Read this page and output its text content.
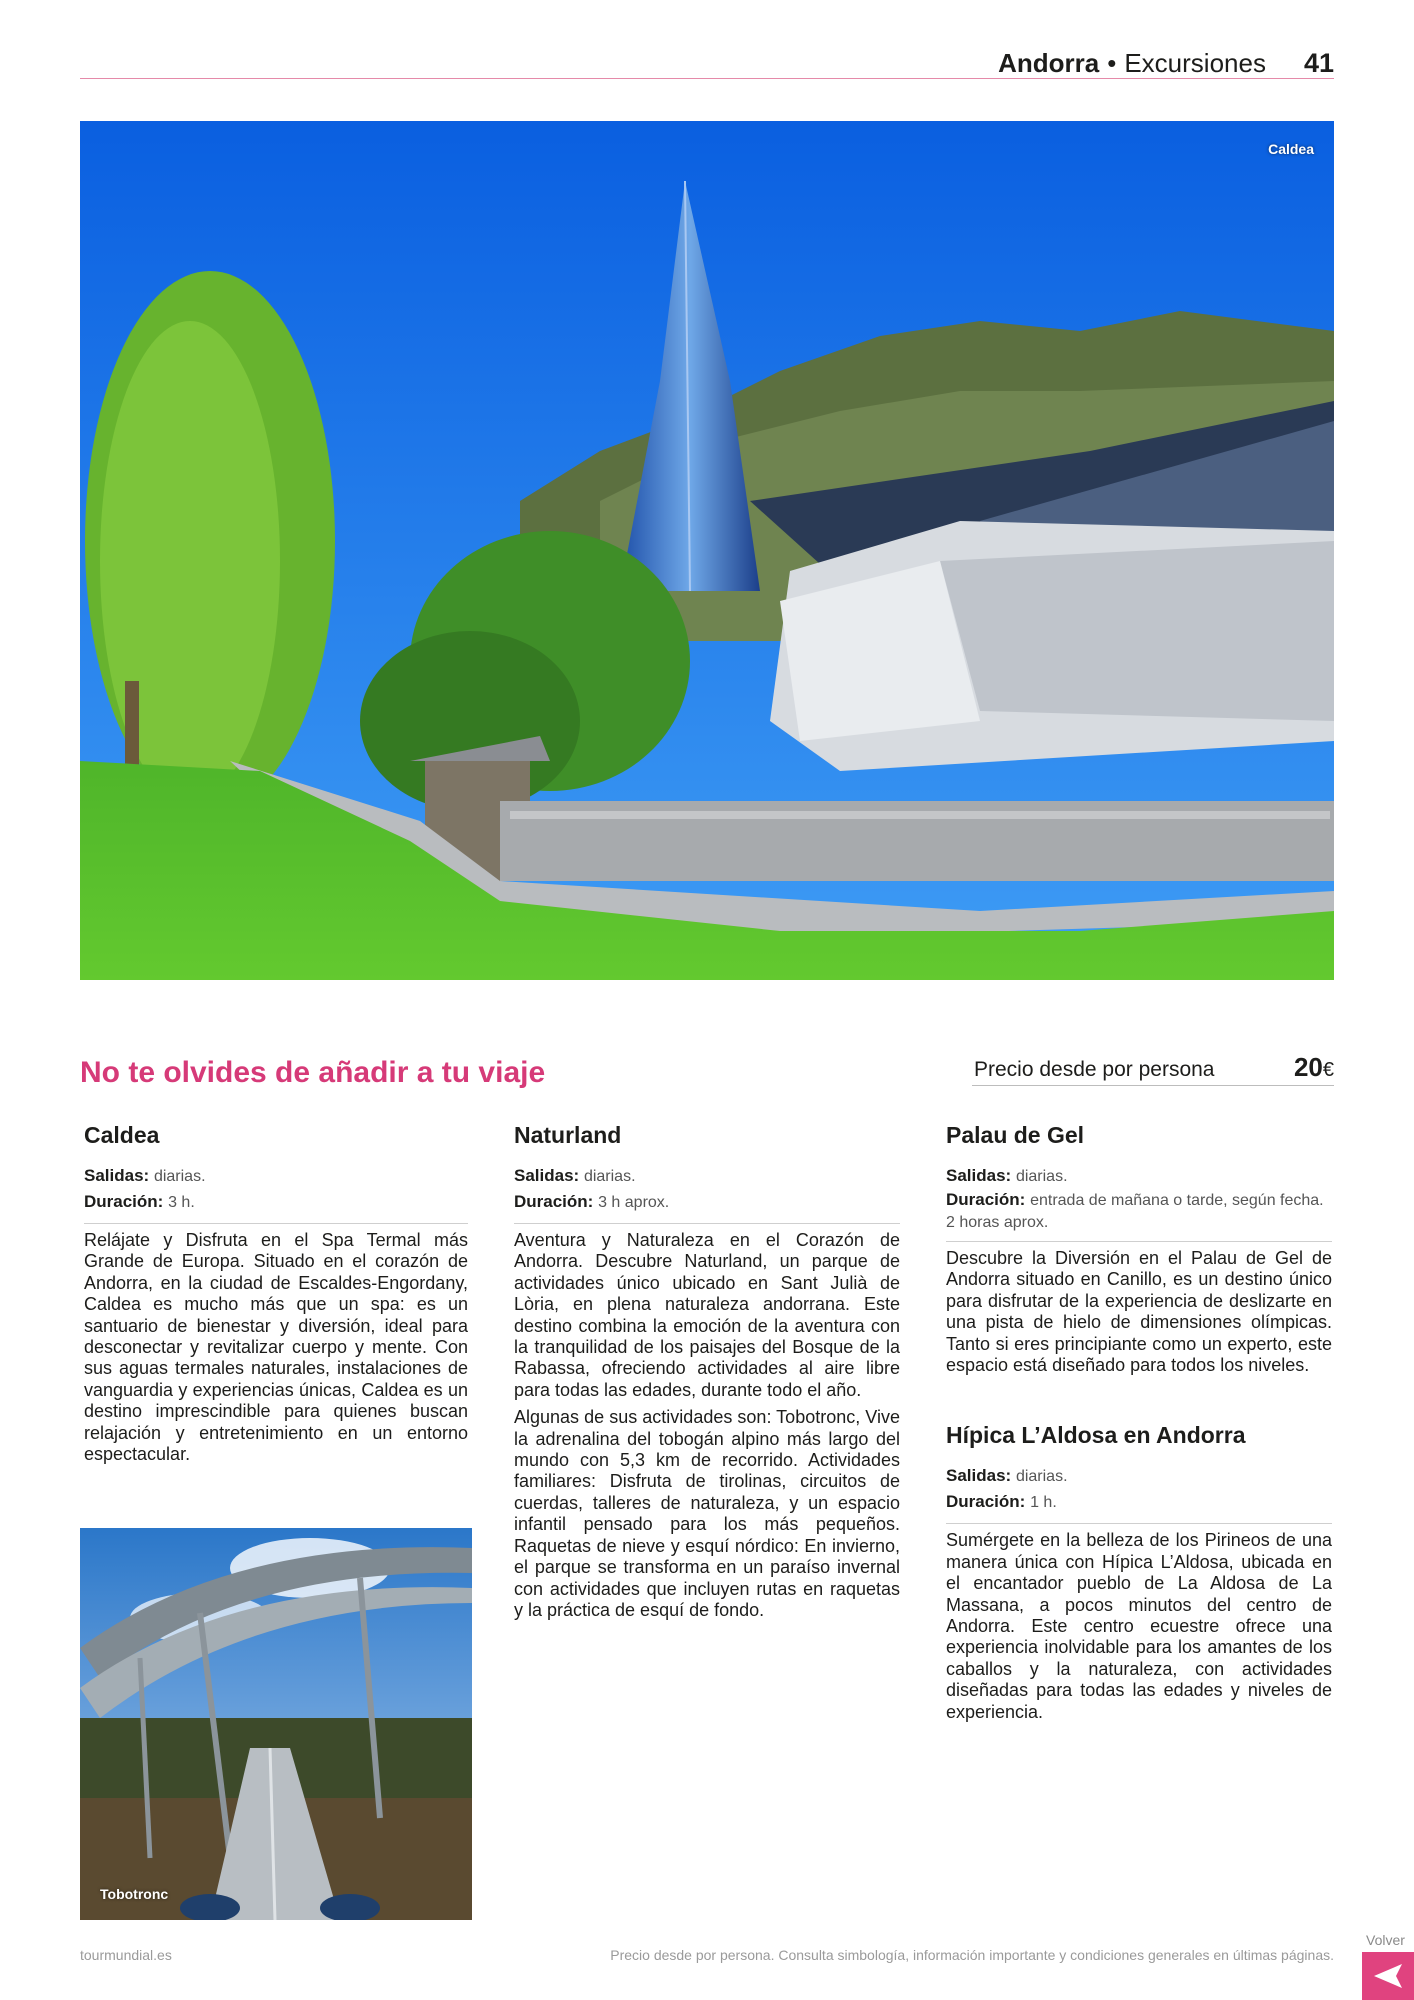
Andorra • Excursiones 41
Caldea
No te olvides de añadir a tu viaje	Precio desde por persona	20€
Caldea
Salidas: diarias.
Duración: 3 h.

Relájate y Disfruta en el Spa Termal más Grande de Europa. Situado en el corazón de Andorra, en la ciudad de Escaldes-Engordany, Caldea es mucho más que un spa: es un santuario de bienestar y diversión, ideal para desconectar y revitalizar cuerpo y mente. Con sus aguas termales naturales, instalaciones de vanguardia y experiencias únicas, Caldea es un destino imprescindible para quienes buscan relajación y entretenimiento en un entorno espectacular.

Naturland
Salidas: diarias.
Duración: 3 h aprox.

Aventura y Naturaleza en el Corazón de Andorra. Descubre Naturland, un parque de actividades único ubicado en Sant Julià de Lòria, en plena naturaleza andorrana. Este destino combina la emoción de la aventura con la tranquilidad de los paisajes del Bosque de la Rabassa, ofreciendo actividades al aire libre para todas las edades, durante todo el año.

Algunas de sus actividades son: Tobotronc, Vive la adrenalina del tobogán alpino más largo del mundo con 5,3 km de recorrido. Actividades familiares: Disfruta de tirolinas, circuitos de cuerdas, talleres de naturaleza, y un espacio infantil pensado para los más pequeños. Raquetas de nieve y esquí nórdico: En invierno, el parque se transforma en un paraíso invernal con actividades que incluyen rutas en raquetas y la práctica de esquí de fondo.

Palau de Gel
Salidas: diarias.
Duración: entrada de mañana o tarde, según fecha. 2 horas aprox.

Descubre la Diversión en el Palau de Gel de Andorra situado en Canillo, es un destino único para disfrutar de la experiencia de deslizarte en una pista de hielo de dimensiones olímpicas. Tanto si eres principiante como un experto, este espacio está diseñado para todos los niveles.

Hípica L’Aldosa en Andorra
Salidas: diarias.
Duración: 1 h.

Sumérgete en la belleza de los Pirineos de una manera única con Hípica L’Aldosa, ubicada en el encantador pueblo de La Aldosa de La Massana, a pocos minutos del centro de Andorra. Este centro ecuestre ofrece una experiencia inolvidable para los amantes de los caballos y la naturaleza, con actividades diseñadas para todas las edades y niveles de experiencia.

Tobotronc
tourmundial.es	Precio desde por persona. Consulta simbología, información importante y condiciones generales en últimas páginas.
Volver
